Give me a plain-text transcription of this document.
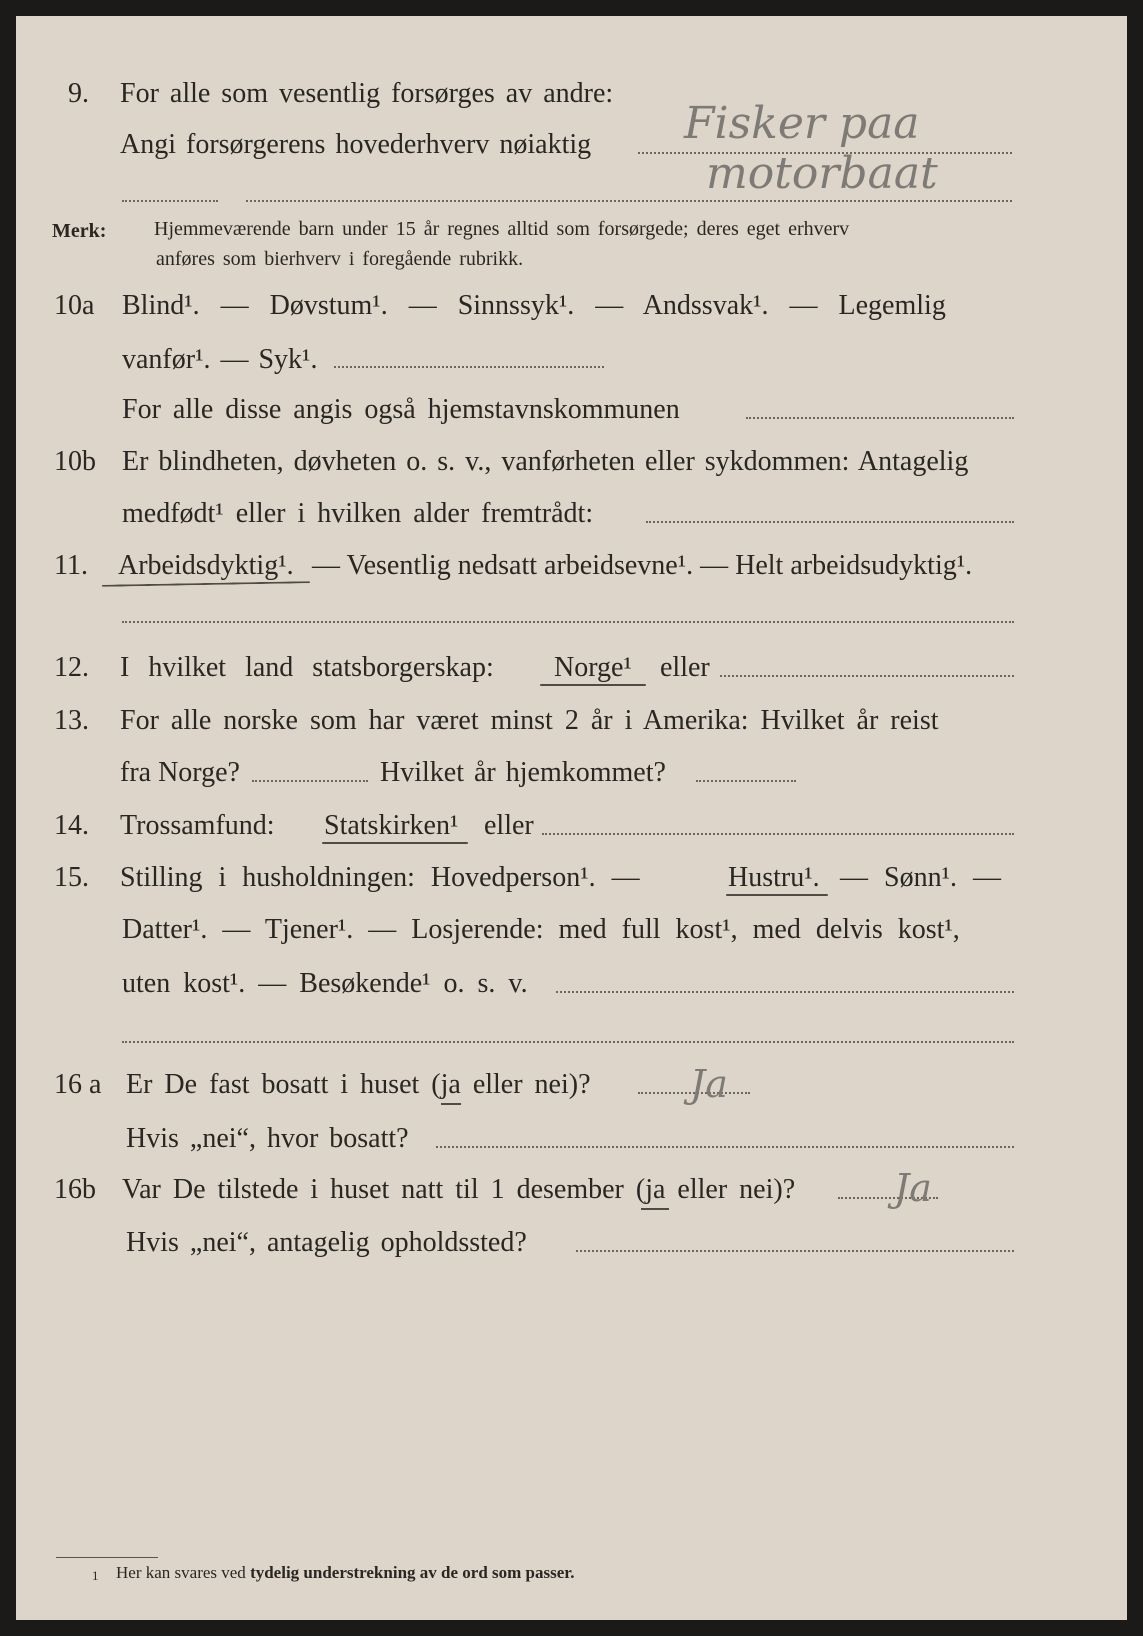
9. For alle som vesentlig forsørges av andre:
Angi forsørgerens hovederhverv nøiaktig Fisker paa
motorbaat
Merk: Hjemmeværende barn under 15 år regnes alltid som forsørgede; deres eget erhverv
anføres som bierhverv i foregående rubrikk.
10a Blind¹. — Døvstum¹. — Sinnssyk¹. — Andssvak¹. — Legemlig
vanfør¹. — Syk¹.
For alle disse angis også hjemstavnskommunen
10b Er blindheten, døvheten o. s. v., vanførheten eller sykdommen: Antagelig
medfødt¹ eller i hvilken alder fremtrådt:
11. Arbeidsdyktig¹. — Vesentlig nedsatt arbeidsevne¹. — Helt arbeidsudyktig¹.
12. I hvilket land statsborgerskap: Norge¹ eller
13. For alle norske som har været minst 2 år i Amerika: Hvilket år reist
fra Norge?	Hvilket år hjemkommet?
14. Trossamfund: Statskirken¹ eller
15. Stilling i husholdningen: Hovedperson¹. —	Hustru¹. — Sønn¹. —
Datter¹. — Tjener¹. — Losjerende: med full kost¹, med delvis kost¹,
uten kost¹. — Besøkende¹ o. s. v.
16 a Er De fast bosatt i huset (ja
eller nei)?	Ja
Hvis „nei“, hvor bosatt?
16b Var De tilstede i huset natt til 1 desember (ja
eller nei)?	Ja
Hvis „nei“, antagelig opholdssted?
1 Her kan svares ved tydelig understrekning av de ord som passer.
